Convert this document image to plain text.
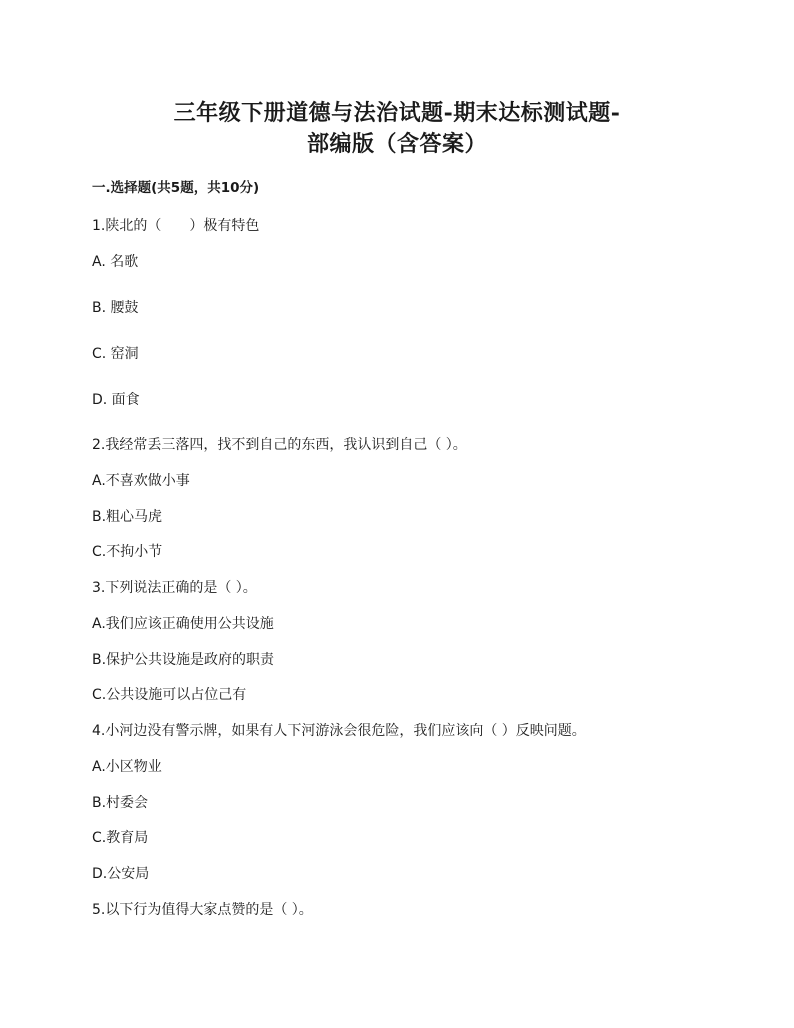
三年级下册道德与法治试题-期末达标测试题-
部编版（含答案）
一.选择题(共5题，共10分)
1.陕北的（　　）极有特色
A. 名歌
B. 腰鼓
C. 窑洞
D. 面食
2.我经常丢三落四，找不到自己的东西，我认识到自己（ ）。
A.不喜欢做小事
B.粗心马虎
C.不拘小节
3.下列说法正确的是（ ）。
A.我们应该正确使用公共设施
B.保护公共设施是政府的职责
C.公共设施可以占位己有
4.小河边没有警示牌，如果有人下河游泳会很危险，我们应该向（ ）反映问题。
A.小区物业
B.村委会
C.教育局
D.公安局
5.以下行为值得大家点赞的是（ ）。
